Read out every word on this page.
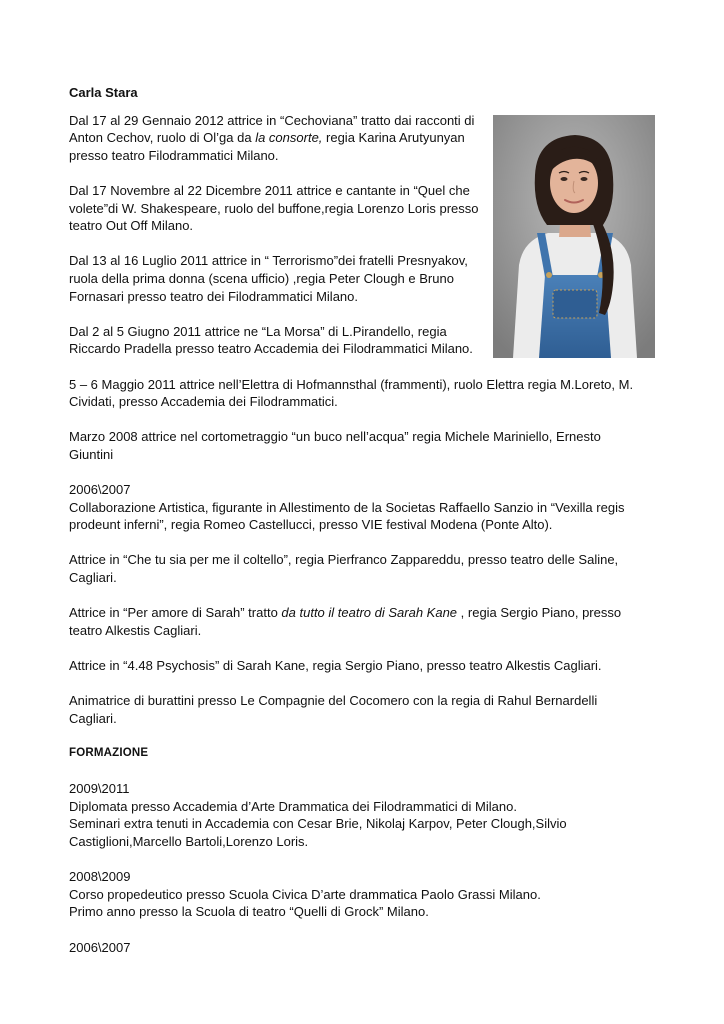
Carla Stara
Dal 17 al 29 Gennaio 2012 attrice in “Cechoviana” tratto dai racconti di
Anton Cechov, ruolo di Ol’ga da la consorte, regia Karina Arutyunyan
presso teatro Filodrammatici Milano.
Dal 17 Novembre al 22 Dicembre 2011 attrice e cantante in “Quel che
volete”di W. Shakespeare, ruolo del buffone,regia Lorenzo Loris presso
teatro Out Off Milano.
Dal 13 al 16 Luglio 2011 attrice in “ Terrorismo”dei fratelli Presnyakov,
ruola della prima donna (scena ufficio) ,regia Peter Clough e Bruno
Fornasari presso teatro dei Filodrammatici Milano.
Dal 2 al 5 Giugno 2011 attrice ne “La Morsa” di L.Pirandello, regia
Riccardo Pradella presso teatro Accademia dei Filodrammatici Milano.
5 – 6 Maggio 2011 attrice nell’Elettra di Hofmannsthal (frammenti), ruolo Elettra regia M.Loreto, M.
Cividati, presso Accademia dei Filodrammatici.
Marzo 2008 attrice nel cortometraggio “un buco nell’acqua” regia Michele Mariniello, Ernesto
Giuntini
2006\2007
Collaborazione Artistica, figurante in Allestimento de la Societas Raffaello Sanzio in “Vexilla regis
prodeunt inferni”, regia Romeo Castellucci, presso VIE festival Modena (Ponte Alto).
Attrice in “Che tu sia per me il coltello”, regia Pierfranco Zappareddu, presso teatro delle Saline,
Cagliari.
Attrice in “Per amore di Sarah” tratto da tutto il teatro di Sarah Kane , regia Sergio Piano, presso
teatro Alkestis Cagliari.
Attrice in “4.48 Psychosis” di Sarah Kane, regia Sergio Piano, presso teatro Alkestis Cagliari.
Animatrice di burattini presso Le Compagnie del Cocomero con la regia di Rahul Bernardelli
Cagliari.
FORMAZIONE
2009\2011
Diplomata presso Accademia d’Arte Drammatica dei Filodrammatici di Milano.
Seminari extra tenuti in Accademia con Cesar Brie, Nikolaj Karpov, Peter Clough,Silvio
Castiglioni,Marcello Bartoli,Lorenzo Loris.
2008\2009
Corso propedeutico presso Scuola Civica D’arte drammatica Paolo Grassi Milano.
Primo anno presso la Scuola di teatro “Quelli di Grock” Milano.
2006\2007
